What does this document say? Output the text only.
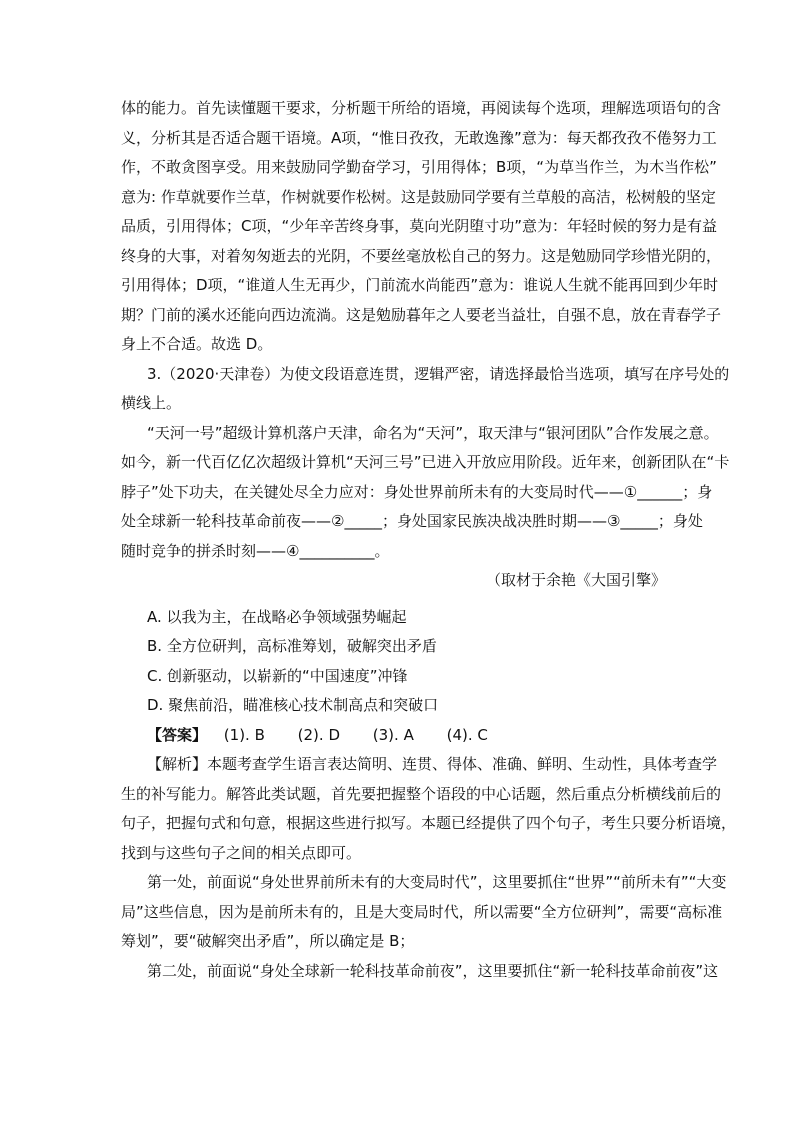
体的能力。首先读懂题干要求，分析题干所给的语境，再阅读每个选项，理解选项语句的含
义，分析其是否适合题干语境。A项，“惟日孜孜，无敢逸豫”意为：每天都孜孜不倦努力工
作，不敢贪图享受。用来鼓励同学勤奋学习，引用得体；B项，“为草当作兰，为木当作松”
意为: 作草就要作兰草，作树就要作松树。这是鼓励同学要有兰草般的高洁，松树般的坚定
品质，引用得体；C项，“少年辛苦终身事，莫向光阴堕寸功”意为：年轻时候的努力是有益
终身的大事，对着匆匆逝去的光阴，不要丝毫放松自己的努力。这是勉励同学珍惜光阴的，
引用得体；D项，“谁道人生无再少，门前流水尚能西”意为：谁说人生就不能再回到少年时
期？门前的溪水还能向西边流淌。这是勉励暮年之人要老当益壮，自强不息，放在青春学子
身上不合适。故选 D。
3.（2020·天津卷）为使文段语意连贯，逻辑严密，请选择最恰当选项，填写在序号处的
横线上。
“天河一号”超级计算机落户天津，命名为“天河”，取天津与“银河团队”合作发展之意。
如今，新一代百亿亿次超级计算机“天河三号”已进入开放应用阶段。近年来，创新团队在“卡
脖子”处下功夫，在关键处尽全力应对：身处世界前所未有的大变局时代——①______；身
处全球新一轮科技革命前夜——②_____；身处国家民族决战决胜时期——③_____；身处
随时竞争的拼杀时刻——④__________。
（取材于余艳《大国引擎》
A. 以我为主，在战略必争领域强势崛起
B. 全方位研判，高标准筹划，破解突出矛盾
C. 创新驱动，以崭新的“中国速度”冲锋
D. 聚焦前沿，瞄准核心技术制高点和突破口
【答案】 (1). B (2). D (3). A (4). C
【解析】本题考查学生语言表达简明、连贯、得体、准确、鲜明、生动性，具体考查学
生的补写能力。解答此类试题，首先要把握整个语段的中心话题，然后重点分析横线前后的
句子，把握句式和句意，根据这些进行拟写。本题已经提供了四个句子，考生只要分析语境，
找到与这些句子之间的相关点即可。
第一处，前面说“身处世界前所未有的大变局时代”，这里要抓住“世界”“前所未有”“大变
局”这些信息，因为是前所未有的，且是大变局时代，所以需要“全方位研判”，需要“高标准
筹划”，要“破解突出矛盾”，所以确定是 B；
第二处，前面说“身处全球新一轮科技革命前夜”，这里要抓住“新一轮科技革命前夜”这
